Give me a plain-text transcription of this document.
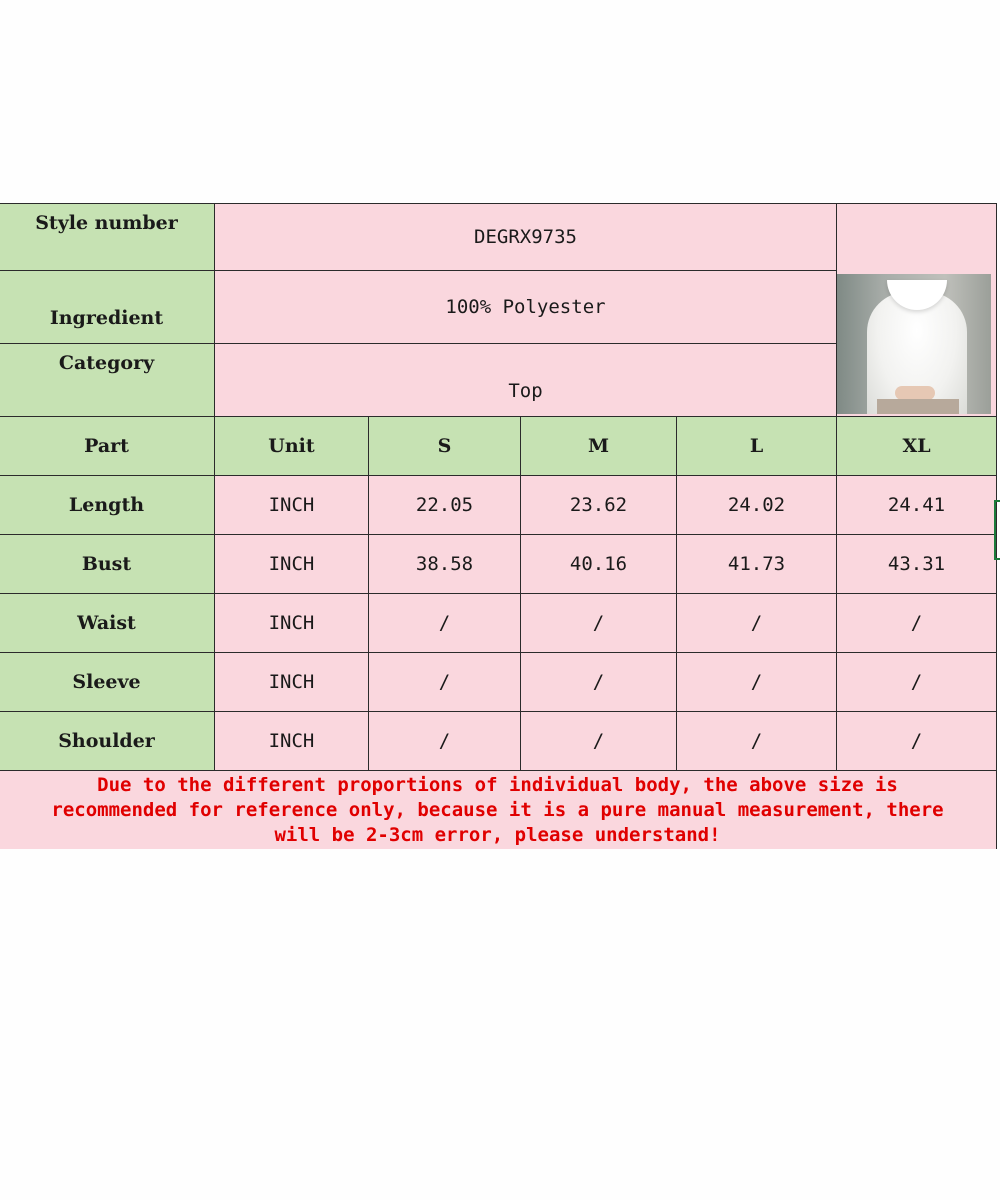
Style number	DEGRX9735				

Ingredient	100% Polyester				
Category	Top				
Part	Unit	S	M	L	XL
Length	INCH	22.05	23.62	24.02	24.41
Bust	INCH	38.58	40.16	41.73	43.31
Waist	INCH	/	/	/	/
Sleeve	INCH	/	/	/	/
Shoulder	INCH	/	/	/	/

Due to the different proportions of individual body, the above size is
recommended for reference only, because it is a pure manual measurement, there
will be 2-3cm error, please understand!					
